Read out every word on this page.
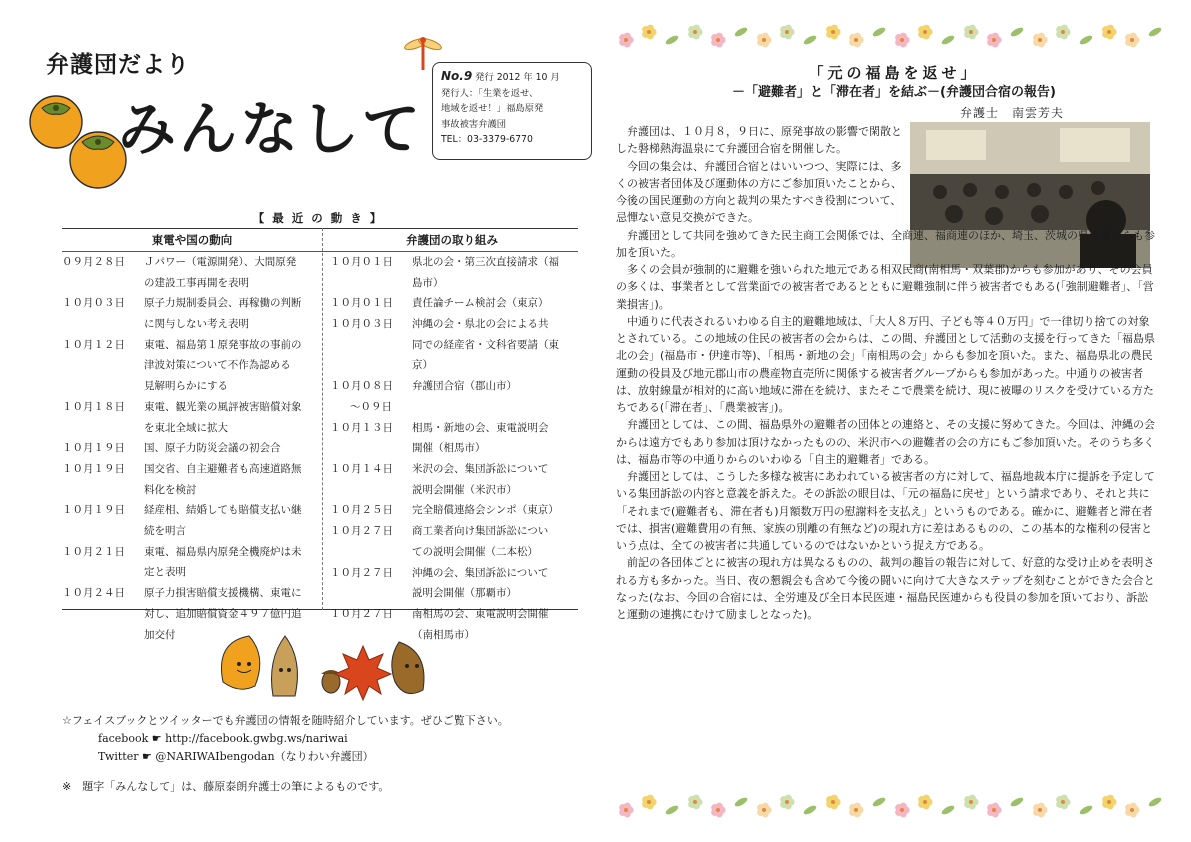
弁護団だより
みんなして
No.9 発行 2012 年 10 月
発行人：「生業を返せ、
地域を返せ！」福島原発
事故被害弁護団
TEL：03-3379-6770
【 最 近 の 動 き 】
東電や国の動向	弁護団の取り組み
０９月２８日 Ｊパワー（電源開発）、大間原発
の建設工事再開を表明
１０月０３日 原子力規制委員会、再稼働の判断
に関与しない考え表明
１０月１２日 東電、福島第１原発事故の事前の
津波対策について不作為認める
見解明らかにする
１０月１８日 東電、観光業の風評被害賠償対象
を東北全域に拡大
１０月１９日 国、原子力防災会議の初会合
１０月１９日 国交省、自主避難者も高速道路無
料化を検討
１０月１９日 経産相、結婚しても賠償支払い継
続を明言
１０月２１日 東電、福島県内原発全機廃炉は未
定と表明
１０月２４日 原子力損害賠償支援機構、東電に
対し、追加賠償資金４９７億円追
加交付
１０月０１日 県北の会・第三次直接請求（福
島市）
１０月０１日 責任論チーム検討会（東京）
１０月０３日 沖縄の会・県北の会による共
同での経産省・文科省要請（東
京）
１０月０８日
～０９日
弁護団合宿（郡山市）
１０月１３日 相馬・新地の会、東電説明会
開催（相馬市）
１０月１４日 米沢の会、集団訴訟について
説明会開催（米沢市）
１０月２５日 完全賠償連絡会シンポ（東京）
１０月２７日 商工業者向け集団訴訟につい
ての説明会開催（二本松）
１０月２７日 沖縄の会、集団訴訟について
説明会開催（那覇市）
１０月２７日 南相馬の会、東電説明会開催
（南相馬市）
☆フェイスブックとツイッターでも弁護団の情報を随時紹介しています。ぜひご覧下さい。
facebook ☛ http://facebook.gwbg.ws/nariwai
Twitter ☛ @NARIWAIbengodan（なりわい弁護団）
※　題字「みんなして」は、藤原泰朗弁護士の筆によるものです。
「元の福島を返せ」
－「避難者」と「滞在者」を結ぶ－(弁護団合宿の報告)
弁護士　南雲芳夫

　弁護団は、１０月８，９日に、原発事故の影響で閑散とした磐梯熱海温泉にて弁護団合宿を開催した。

　今回の集会は、弁護団合宿とはいいつつ、実際には、多くの被害者団体及び運動体の方にご参加頂いたことから、今後の国民運動の方向と裁判の果たすべき役割について、忌憚ない意見交換ができた。

　弁護団として共同を強めてきた民主商工会関係では、全商連、福商連のほか、埼玉、茨城の県商連からも参加を頂いた。

　多くの会員が強制的に避難を強いられた地元である相双民商(南相馬・双葉郡)からも参加があり、その会員の多くは、事業者として営業面での被害者であるとともに避難強制に伴う被害者でもある(「強制避難者」、「営業損害」)。

　中通りに代表されるいわゆる自主的避難地域は、「大人８万円、子ども等４０万円」で一律切り捨ての対象とされている。この地域の住民の被害者の会からは、この間、弁護団として活動の支援を行ってきた「福島県北の会」(福島市・伊達市等)、「相馬・新地の会」「南相馬の会」からも参加を頂いた。また、福島県北の農民運動の役員及び地元郡山市の農産物直売所に関係する被害者グループからも参加があった。中通りの被害者は、放射線量が相対的に高い地域に滞在を続け、またそこで農業を続け、現に被曝のリスクを受けている方たちである(「滞在者」、「農業被害」)。

　弁護団としては、この間、福島県外の避難者の団体との連絡と、その支援に努めてきた。今回は、沖縄の会からは遠方でもあり参加は頂けなかったものの、米沢市への避難者の会の方にもご参加頂いた。そのうち多くは、福島市等の中通りからのいわゆる「自主的避難者」である。

　弁護団としては、こうした多様な被害にあわれている被害者の方に対して、福島地裁本庁に提訴を予定している集団訴訟の内容と意義を訴えた。その訴訟の眼目は、「元の福島に戻せ」という請求であり、それと共に「それまで(避難者も、滞在者も)月額数万円の慰謝料を支払え」というものである。確かに、避難者と滞在者では、損害(避難費用の有無、家族の別離の有無など)の現れ方に差はあるものの、この基本的な権利の侵害という点は、全ての被害者に共通しているのではないかという捉え方である。

　前記の各団体ごとに被害の現れ方は異なるものの、裁判の趣旨の報告に対して、好意的な受け止めを表明される方も多かった。当日、夜の懇親会も含めて今後の闘いに向けて大きなステップを刻むことができた会合となった(なお、今回の合宿には、全労連及び全日本民医連・福島民医連からも役員の参加を頂いており、訴訟と運動の連携にむけて励ましとなった)。
